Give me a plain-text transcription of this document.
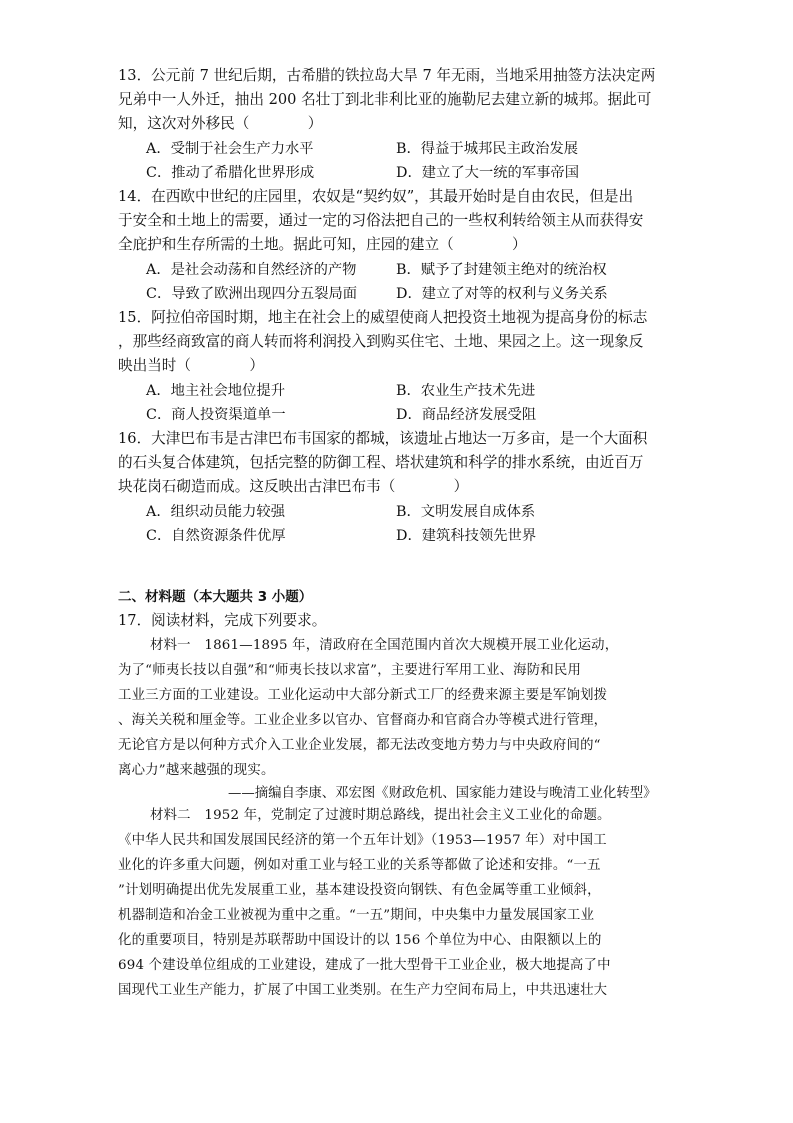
13．公元前 7 世纪后期，古希腊的铁拉岛大旱 7 年无雨，当地采用抽签方法决定两
兄弟中一人外迁，抽出 200 名壮丁到北非利比亚的施勒尼去建立新的城邦。据此可
知，这次对外移民（　　　　）
A．受制于社会生产力水平	B．得益于城邦民主政治发展
C．推动了希腊化世界形成	D．建立了大一统的军事帝国
14．在西欧中世纪的庄园里，农奴是“契约奴”，其最开始时是自由农民，但是出
于安全和土地上的需要，通过一定的习俗法把自己的一些权利转给领主从而获得安
全庇护和生存所需的土地。据此可知，庄园的建立（　　　　）
A．是社会动荡和自然经济的产物	B．赋予了封建领主绝对的统治权
C．导致了欧洲出现四分五裂局面	D．建立了对等的权利与义务关系
15．阿拉伯帝国时期，地主在社会上的威望使商人把投资土地视为提高身份的标志
，那些经商致富的商人转而将利润投入到购买住宅、土地、果园之上。这一现象反
映出当时（　　　　）
A．地主社会地位提升	B．农业生产技术先进
C．商人投资渠道单一	D．商品经济发展受阻
16．大津巴布韦是古津巴布韦国家的都城，该遗址占地达一万多亩，是一个大面积
的石头复合体建筑，包括完整的防御工程、塔状建筑和科学的排水系统，由近百万
块花岗石砌造而成。这反映出古津巴布韦（　　　　）
A．组织动员能力较强	B．文明发展自成体系
C．自然资源条件优厚	D．建筑科技领先世界
二、材料题（本大题共 3 小题）
17．阅读材料，完成下列要求。
材料一　1861—1895 年，清政府在全国范围内首次大规模开展工业化运动，
为了“师夷长技以自强”和“师夷长技以求富”，主要进行军用工业、海防和民用
工业三方面的工业建设。工业化运动中大部分新式工厂的经费来源主要是军饷划拨
、海关关税和厘金等。工业企业多以官办、官督商办和官商合办等模式进行管理，
无论官方是以何种方式介入工业企业发展，都无法改变地方势力与中央政府间的“
离心力”越来越强的现实。
——摘编自李康、邓宏图《财政危机、国家能力建设与晚清工业化转型》
材料二　1952 年，党制定了过渡时期总路线，提出社会主义工业化的命题。
《中华人民共和国发展国民经济的第一个五年计划》（1953—1957 年）对中国工
业化的许多重大问题，例如对重工业与轻工业的关系等都做了论述和安排。“一五
”计划明确提出优先发展重工业，基本建设投资向钢铁、有色金属等重工业倾斜，
机器制造和冶金工业被视为重中之重。“一五”期间，中央集中力量发展国家工业
化的重要项目，特别是苏联帮助中国设计的以 156 个单位为中心、由限额以上的
694 个建设单位组成的工业建设，建成了一批大型骨干工业企业，极大地提高了中
国现代工业生产能力，扩展了中国工业类别。在生产力空间布局上，中共迅速壮大
